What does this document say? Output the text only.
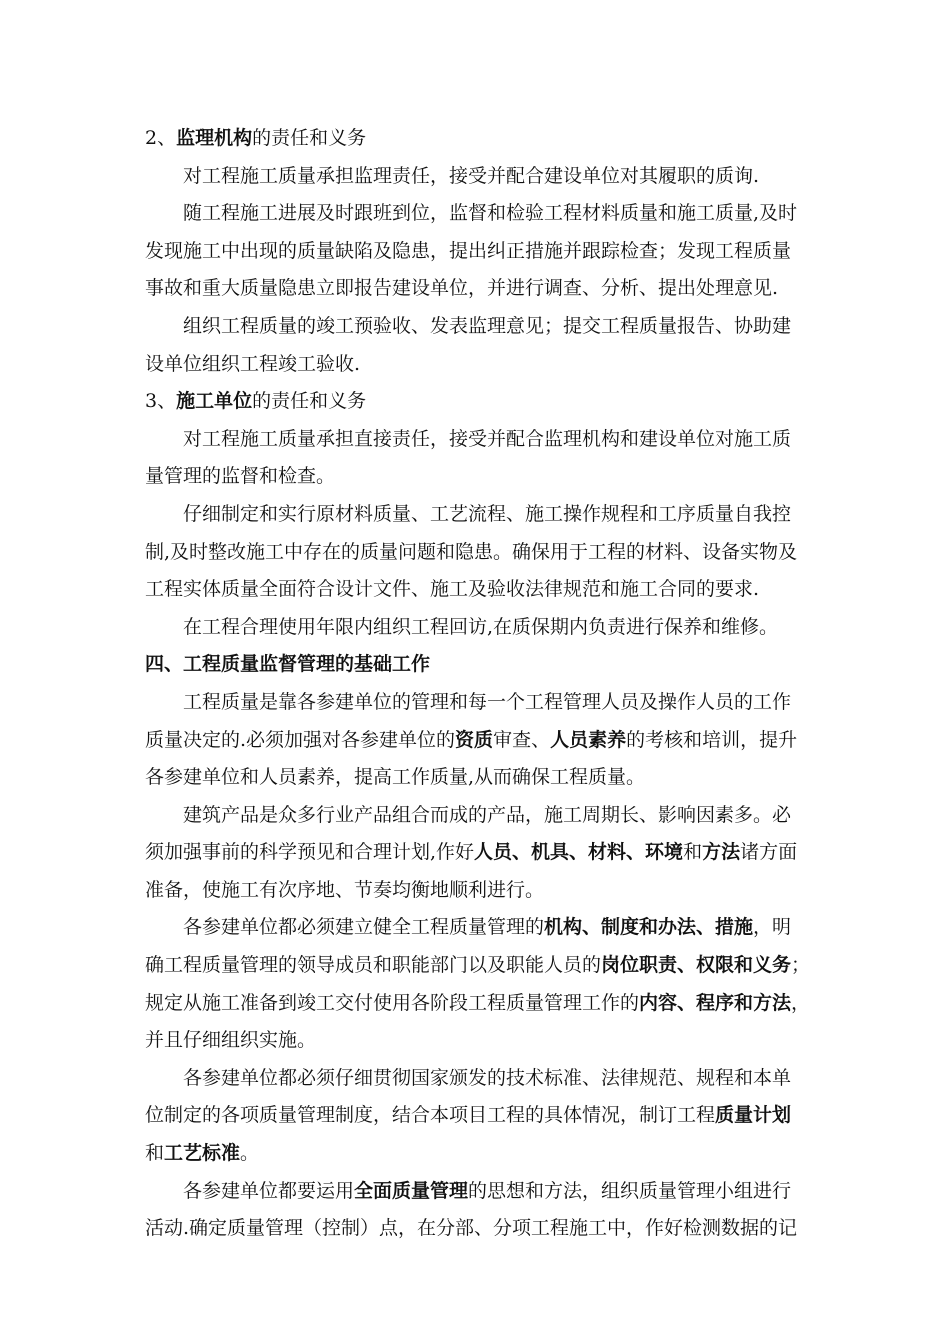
2、监理机构的责任和义务
对工程施工质量承担监理责任，接受并配合建设单位对其履职的质询.
随工程施工进展及时跟班到位，监督和检验工程材料质量和施工质量,及时
发现施工中出现的质量缺陷及隐患，提出纠正措施并跟踪检查；发现工程质量
事故和重大质量隐患立即报告建设单位，并进行调查、分析、提出处理意见.
组织工程质量的竣工预验收、发表监理意见；提交工程质量报告、协助建
设单位组织工程竣工验收.
3、施工单位的责任和义务
对工程施工质量承担直接责任，接受并配合监理机构和建设单位对施工质
量管理的监督和检查。
仔细制定和实行原材料质量、工艺流程、施工操作规程和工序质量自我控
制,及时整改施工中存在的质量问题和隐患。确保用于工程的材料、设备实物及
工程实体质量全面符合设计文件、施工及验收法律规范和施工合同的要求.
在工程合理使用年限内组织工程回访,在质保期内负责进行保养和维修。
四、工程质量监督管理的基础工作
工程质量是靠各参建单位的管理和每一个工程管理人员及操作人员的工作
质量决定的.必须加强对各参建单位的资质审查、人员素养的考核和培训，提升
各参建单位和人员素养，提高工作质量,从而确保工程质量。
建筑产品是众多行业产品组合而成的产品，施工周期长、影响因素多。必
须加强事前的科学预见和合理计划,作好人员、机具、材料、环境和方法诸方面
准备，使施工有次序地、节奏均衡地顺利进行。
各参建单位都必须建立健全工程质量管理的机构、制度和办法、措施，明
确工程质量管理的领导成员和职能部门以及职能人员的岗位职责、权限和义务；
规定从施工准备到竣工交付使用各阶段工程质量管理工作的内容、程序和方法，
并且仔细组织实施。
各参建单位都必须仔细贯彻国家颁发的技术标准、法律规范、规程和本单
位制定的各项质量管理制度，结合本项目工程的具体情况，制订工程质量计划
和工艺标准。
各参建单位都要运用全面质量管理的思想和方法，组织质量管理小组进行
活动.确定质量管理（控制）点，在分部、分项工程施工中，作好检测数据的记
